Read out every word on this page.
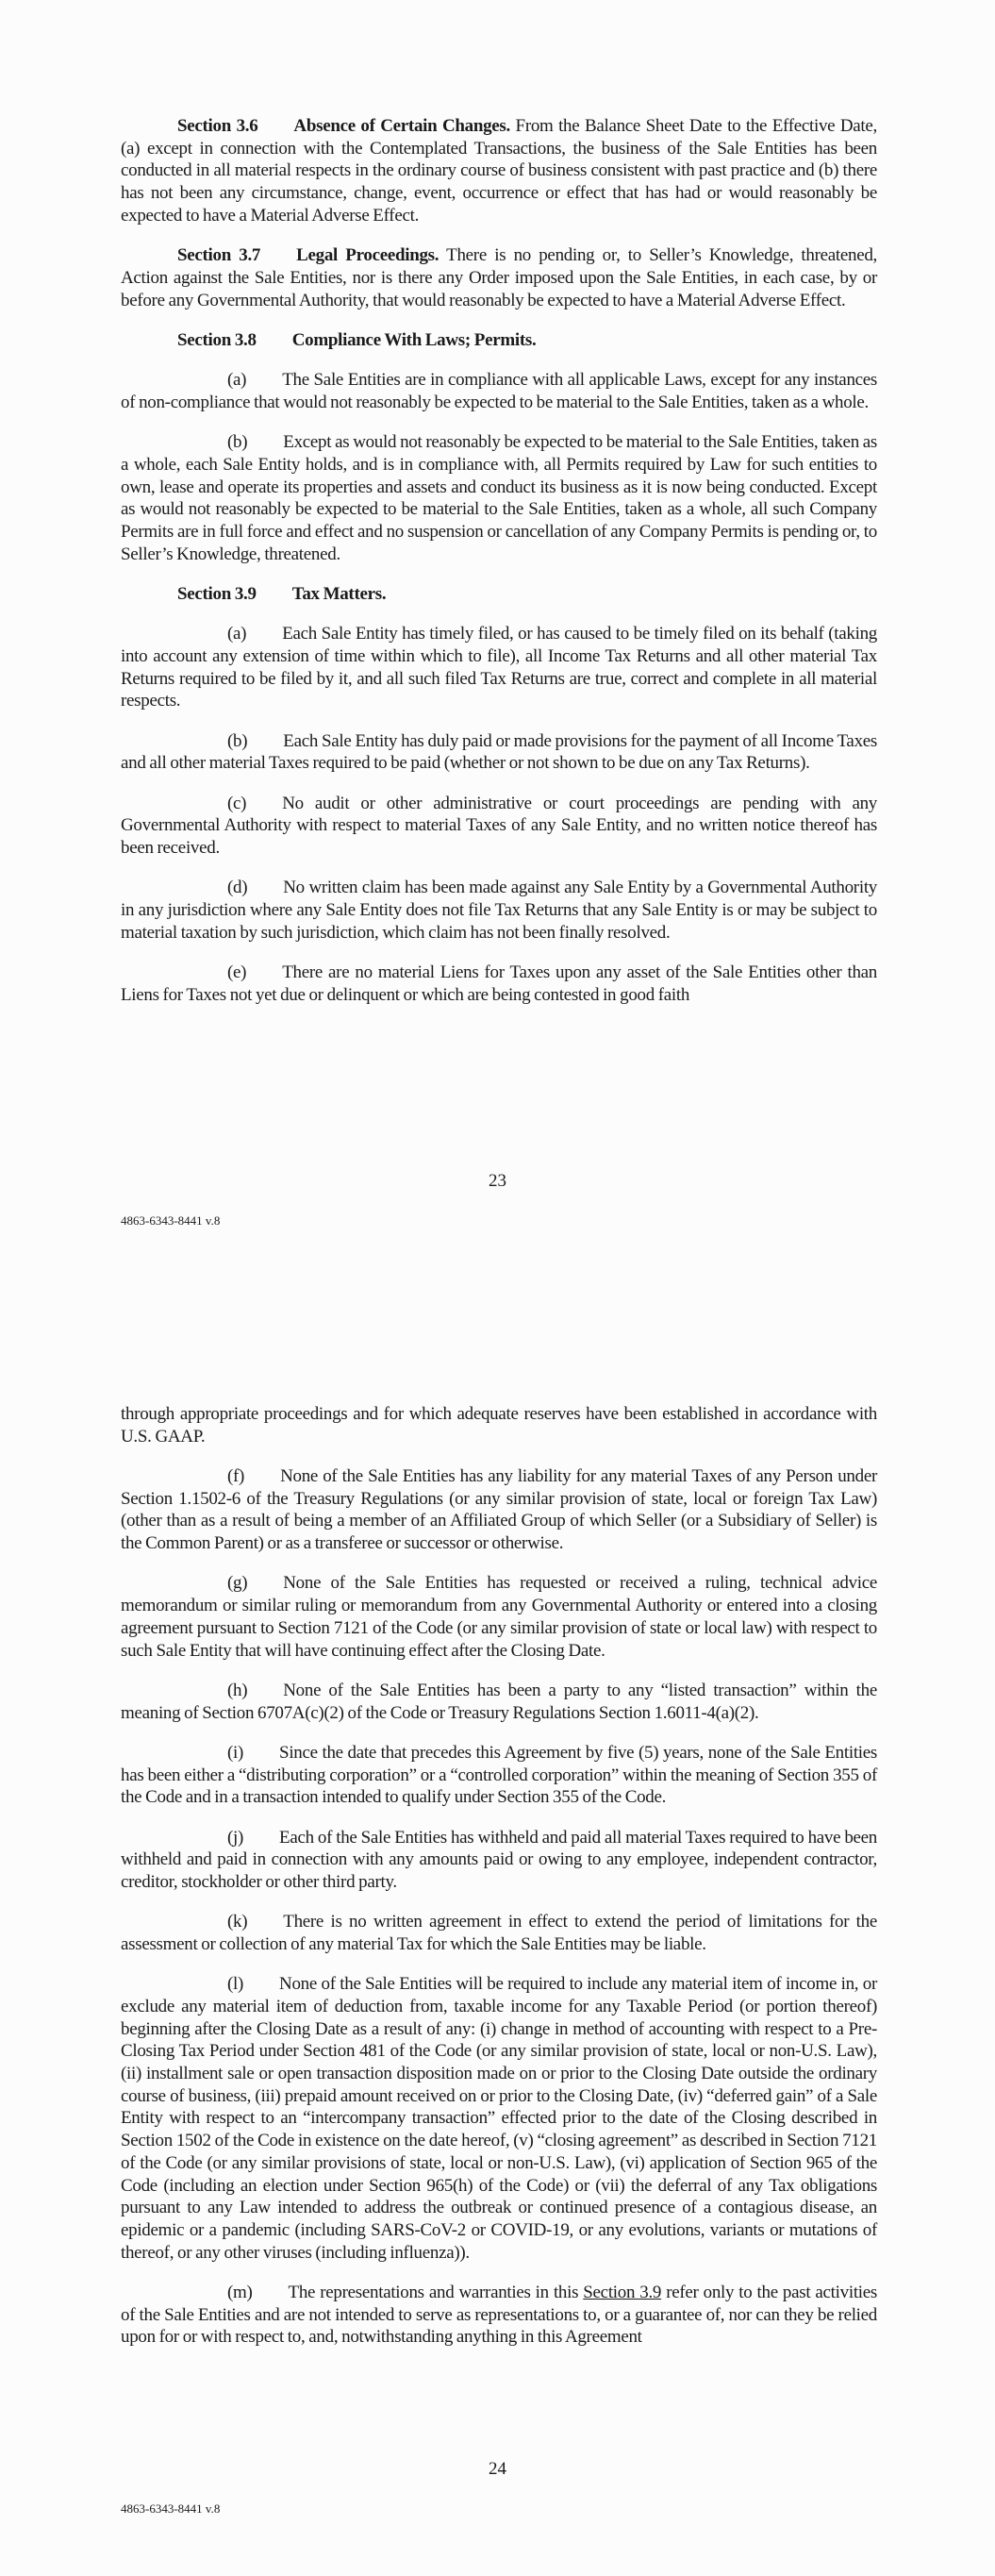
Section 3.6 Absence of Certain Changes. From the Balance Sheet Date to the Effective Date, (a) except in connection with the Contemplated Transactions, the business of the Sale Entities has been conducted in all material respects in the ordinary course of business consistent with past practice and (b) there has not been any circumstance, change, event, occurrence or effect that has had or would reasonably be expected to have a Material Adverse Effect.

Section 3.7 Legal Proceedings. There is no pending or, to Seller’s Knowledge, threatened, Action against the Sale Entities, nor is there any Order imposed upon the Sale Entities, in each case, by or before any Governmental Authority, that would reasonably be expected to have a Material Adverse Effect.

Section 3.8 Compliance With Laws; Permits.

(a) The Sale Entities are in compliance with all applicable Laws, except for any instances of non-compliance that would not reasonably be expected to be material to the Sale Entities, taken as a whole.

(b) Except as would not reasonably be expected to be material to the Sale Entities, taken as a whole, each Sale Entity holds, and is in compliance with, all Permits required by Law for such entities to own, lease and operate its properties and assets and conduct its business as it is now being conducted. Except as would not reasonably be expected to be material to the Sale Entities, taken as a whole, all such Company Permits are in full force and effect and no suspension or cancellation of any Company Permits is pending or, to Seller’s Knowledge, threatened.

Section 3.9 Tax Matters.

(a) Each Sale Entity has timely filed, or has caused to be timely filed on its behalf (taking into account any extension of time within which to file), all Income Tax Returns and all other material Tax Returns required to be filed by it, and all such filed Tax Returns are true, correct and complete in all material respects.

(b) Each Sale Entity has duly paid or made provisions for the payment of all Income Taxes and all other material Taxes required to be paid (whether or not shown to be due on any Tax Returns).

(c) No audit or other administrative or court proceedings are pending with any Governmental Authority with respect to material Taxes of any Sale Entity, and no written notice thereof has been received.

(d) No written claim has been made against any Sale Entity by a Governmental Authority in any jurisdiction where any Sale Entity does not file Tax Returns that any Sale Entity is or may be subject to material taxation by such jurisdiction, which claim has not been finally resolved.

(e) There are no material Liens for Taxes upon any asset of the Sale Entities other than Liens for Taxes not yet due or delinquent or which are being contested in good faith

23
4863-6343-8441 v.8

through appropriate proceedings and for which adequate reserves have been established in accordance with U.S. GAAP.

(f) None of the Sale Entities has any liability for any material Taxes of any Person under Section 1.1502-6 of the Treasury Regulations (or any similar provision of state, local or foreign Tax Law) (other than as a result of being a member of an Affiliated Group of which Seller (or a Subsidiary of Seller) is the Common Parent) or as a transferee or successor or otherwise.

(g) None of the Sale Entities has requested or received a ruling, technical advice memorandum or similar ruling or memorandum from any Governmental Authority or entered into a closing agreement pursuant to Section 7121 of the Code (or any similar provision of state or local law) with respect to such Sale Entity that will have continuing effect after the Closing Date.

(h) None of the Sale Entities has been a party to any “listed transaction” within the meaning of Section 6707A(c)(2) of the Code or Treasury Regulations Section 1.6011-4(a)(2).

(i) Since the date that precedes this Agreement by five (5) years, none of the Sale Entities has been either a “distributing corporation” or a “controlled corporation” within the meaning of Section 355 of the Code and in a transaction intended to qualify under Section 355 of the Code.

(j) Each of the Sale Entities has withheld and paid all material Taxes required to have been withheld and paid in connection with any amounts paid or owing to any employee, independent contractor, creditor, stockholder or other third party.

(k) There is no written agreement in effect to extend the period of limitations for the assessment or collection of any material Tax for which the Sale Entities may be liable.

(l) None of the Sale Entities will be required to include any material item of income in, or exclude any material item of deduction from, taxable income for any Taxable Period (or portion thereof) beginning after the Closing Date as a result of any: (i) change in method of accounting with respect to a Pre-Closing Tax Period under Section 481 of the Code (or any similar provision of state, local or non-U.S. Law), (ii) installment sale or open transaction disposition made on or prior to the Closing Date outside the ordinary course of business, (iii) prepaid amount received on or prior to the Closing Date, (iv) “deferred gain” of a Sale Entity with respect to an “intercompany transaction” effected prior to the date of the Closing described in Section 1502 of the Code in existence on the date hereof, (v) “closing agreement” as described in Section 7121 of the Code (or any similar provisions of state, local or non-U.S. Law), (vi) application of Section 965 of the Code (including an election under Section 965(h) of the Code) or (vii) the deferral of any Tax obligations pursuant to any Law intended to address the outbreak or continued presence of a contagious disease, an epidemic or a pandemic (including SARS-CoV-2 or COVID-19, or any evolutions, variants or mutations of thereof, or any other viruses (including influenza)).

(m) The representations and warranties in this Section 3.9 refer only to the past activities of the Sale Entities and are not intended to serve as representations to, or a guarantee of, nor can they be relied upon for or with respect to, and, notwithstanding anything in this Agreement

24
4863-6343-8441 v.8
